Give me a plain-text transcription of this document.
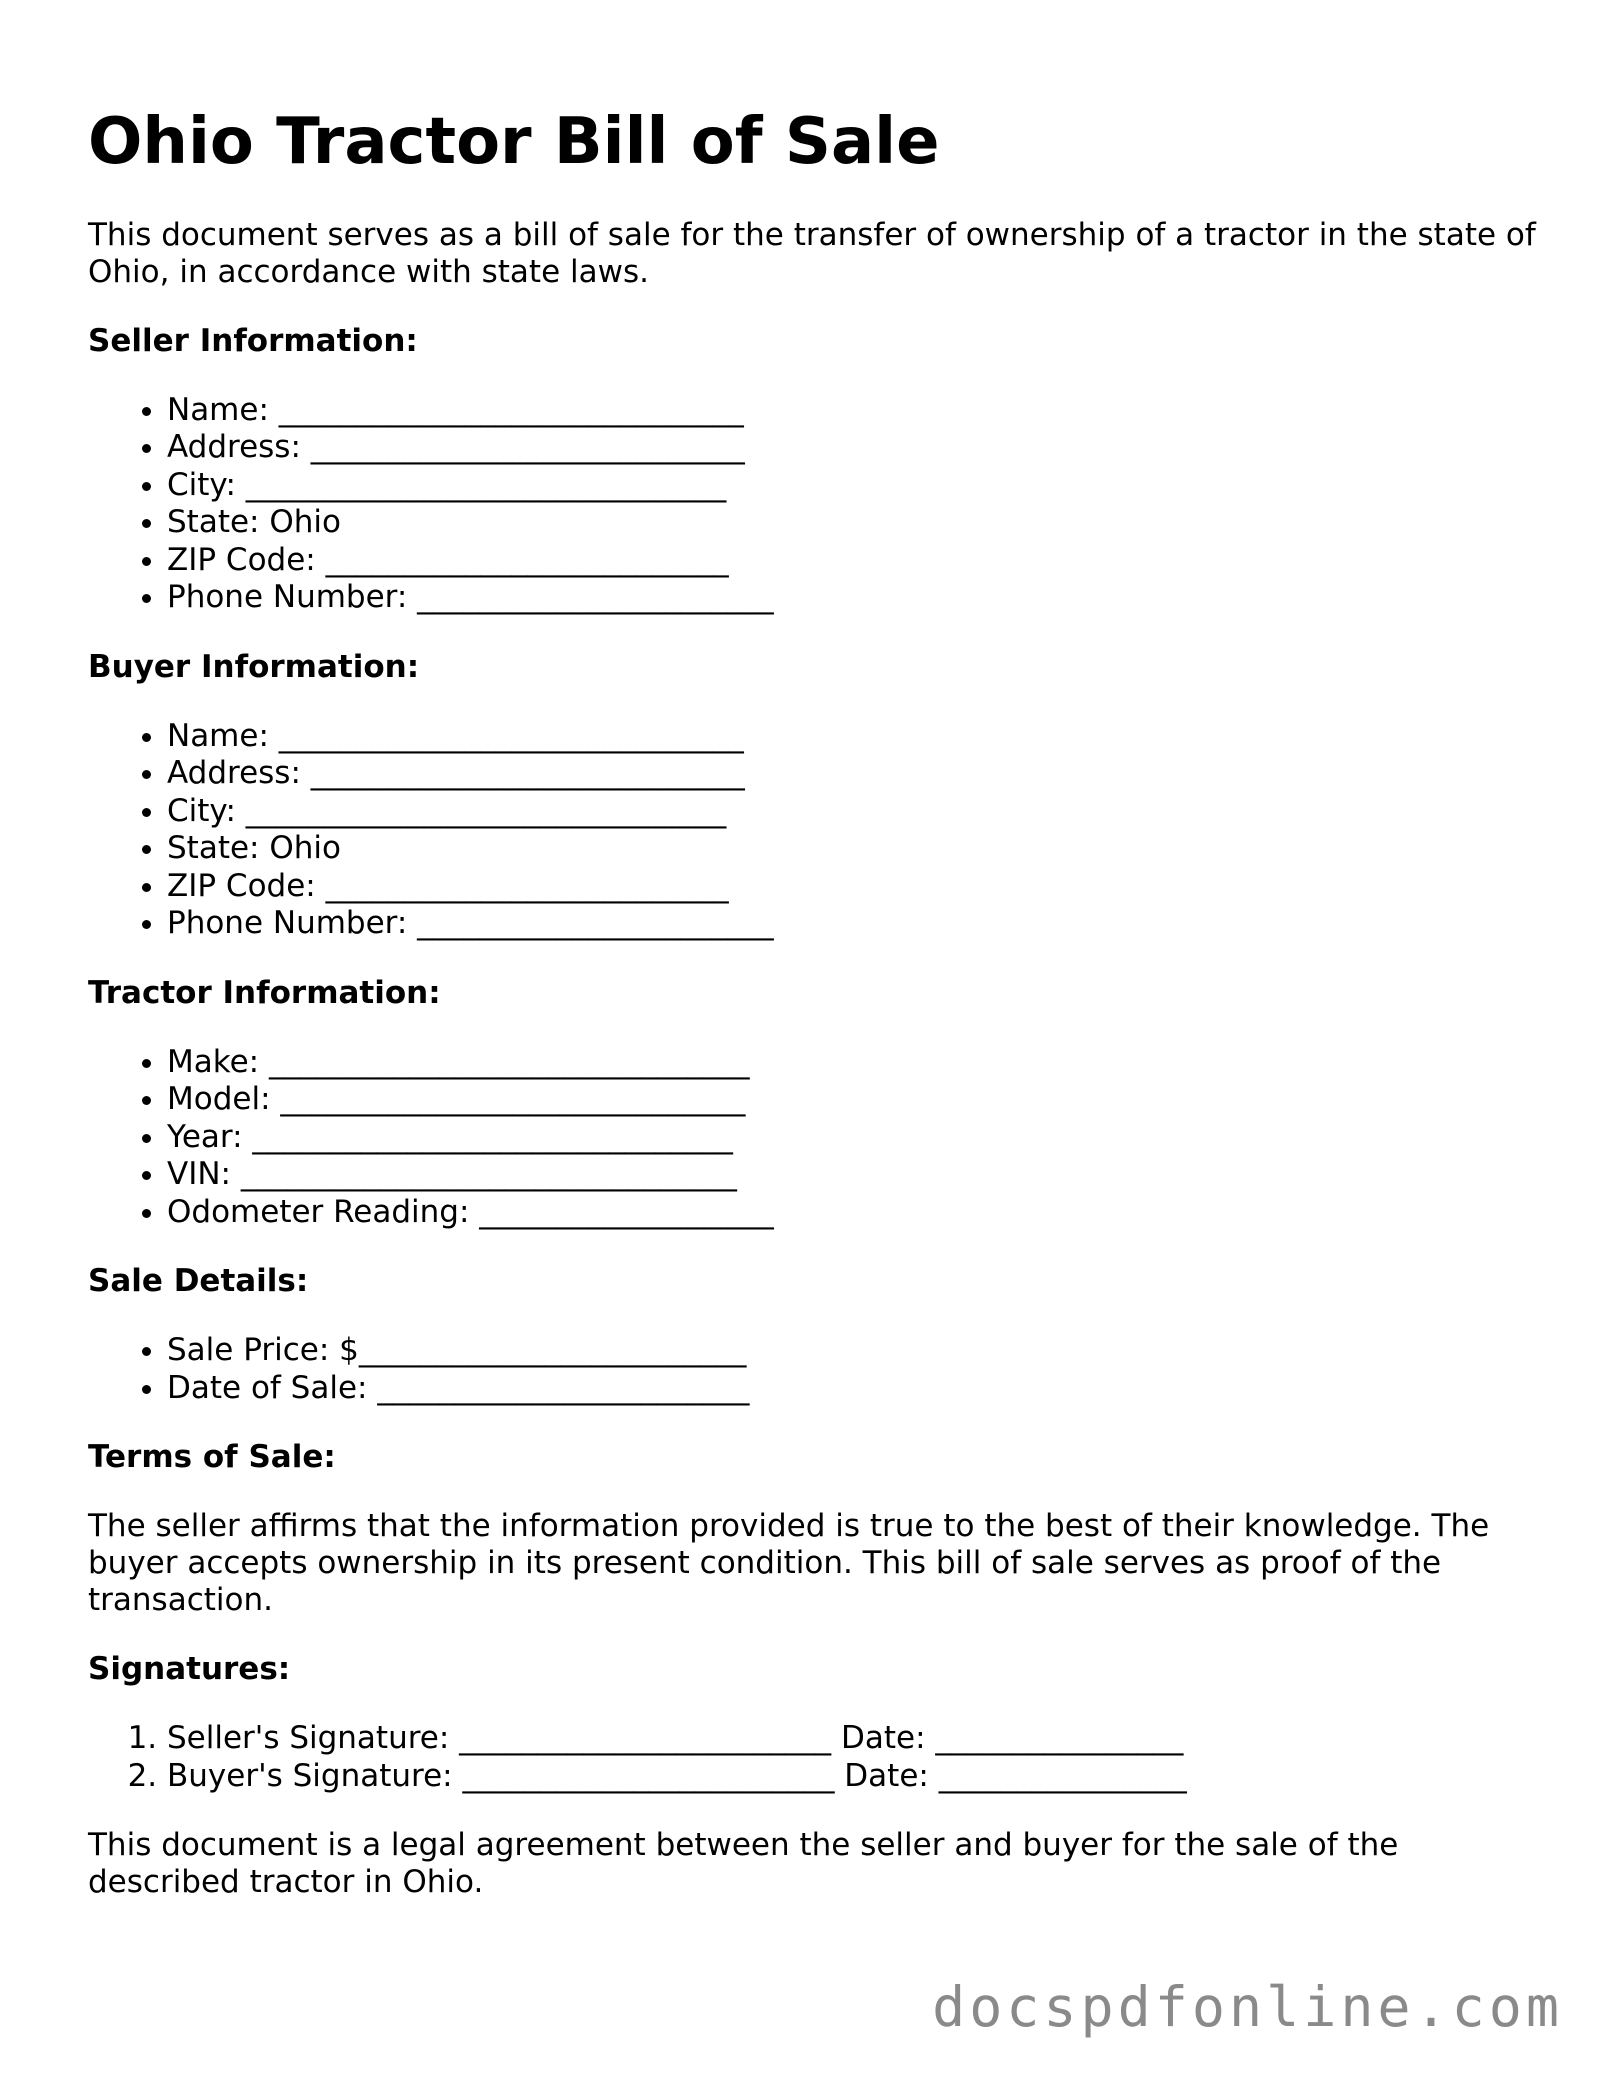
Ohio Tractor Bill of Sale

This document serves as a bill of sale for the transfer of ownership of a tractor in the state of Ohio, in accordance with state laws.

Seller Information:
• Name: ______________________________
• Address: ____________________________
• City: _______________________________
• State: Ohio
• ZIP Code: __________________________
• Phone Number: _______________________
Buyer Information:
• Name: ______________________________
• Address: ____________________________
• City: _______________________________
• State: Ohio
• ZIP Code: __________________________
• Phone Number: _______________________
Tractor Information:
• Make: _______________________________
• Model: ______________________________
• Year: _______________________________
• VIN: ________________________________
• Odometer Reading: ___________________
Sale Details:
• Sale Price: $_________________________
• Date of Sale: ________________________
Terms of Sale:

The seller affirms that the information provided is true to the best of their knowledge. The buyer accepts ownership in its present condition. This bill of sale serves as proof of the transaction.

Signatures:
1. Seller's Signature: ________________________ Date: ________________
2. Buyer's Signature: ________________________ Date: ________________

This document is a legal agreement between the seller and buyer for the sale of the described tractor in Ohio.

docspdfonline.com
